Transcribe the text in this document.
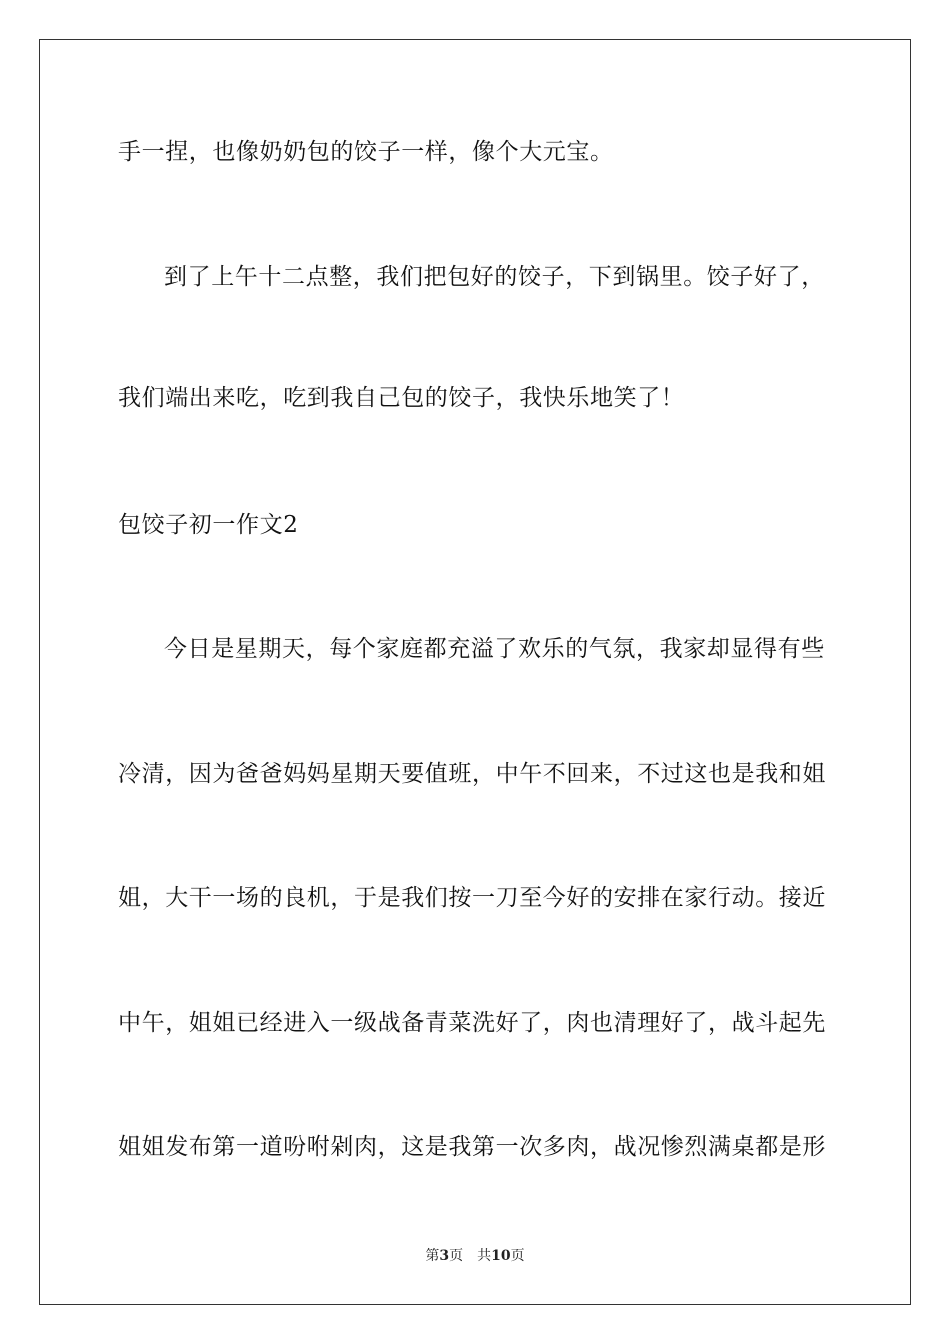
手一捏，也像奶奶包的饺子一样，像个大元宝。
到了上午十二点整，我们把包好的饺子，下到锅里。饺子好了，
我们端出来吃，吃到我自己包的饺子，我快乐地笑了！
包饺子初一作文2
今日是星期天，每个家庭都充溢了欢乐的气氛，我家却显得有些
冷清，因为爸爸妈妈星期天要值班，中午不回来，不过这也是我和姐
姐，大干一场的良机，于是我们按一刀至今好的安排在家行动。接近
中午，姐姐已经进入一级战备青菜洗好了，肉也清理好了，战斗起先
姐姐发布第一道吩咐剁肉，这是我第一次多肉，战况惨烈满桌都是形
第3页 共10页
